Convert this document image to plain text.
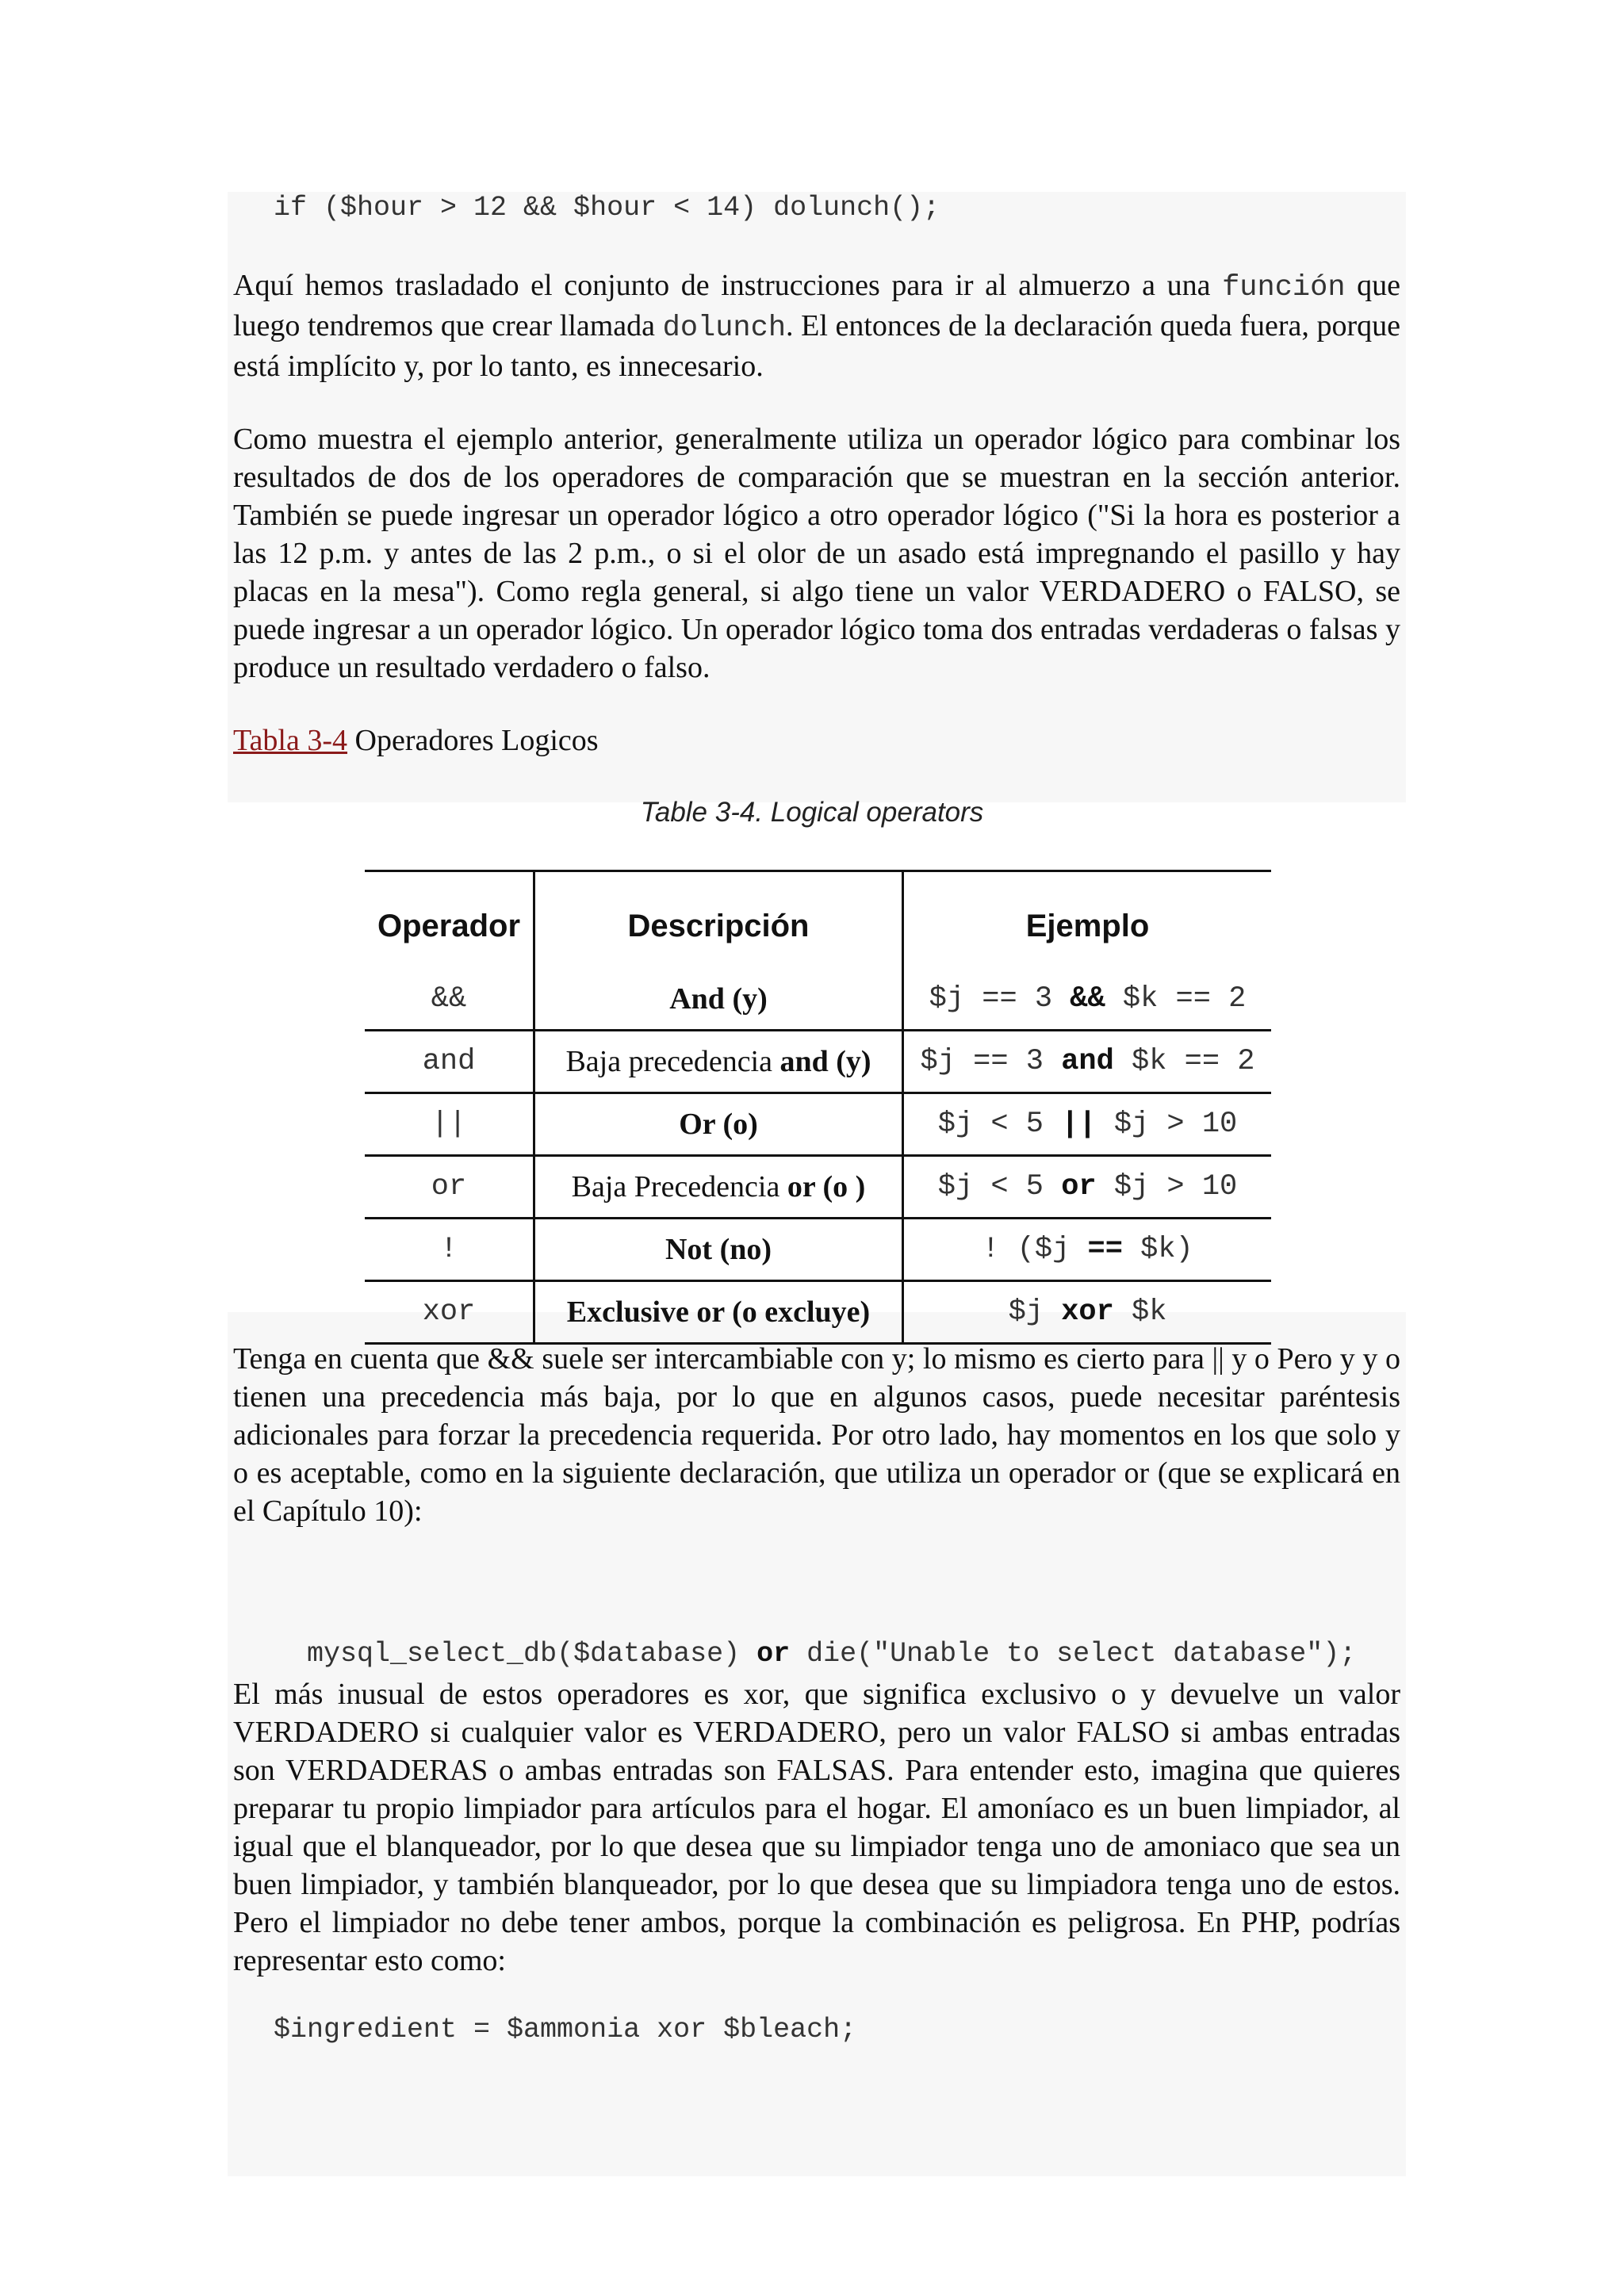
if ($hour > 12 && $hour < 14) dolunch();

Aquí hemos trasladado el conjunto de instrucciones para ir al almuerzo a una función que luego tendremos que crear llamada dolunch. El entonces de la declaración queda fuera, porque está implícito y, por lo tanto, es innecesario.

Como muestra el ejemplo anterior, generalmente utiliza un operador lógico para combinar los resultados de dos de los operadores de comparación que se muestran en la sección anterior. También se puede ingresar un operador lógico a otro operador lógico ("Si la hora es posterior a las 12 p.m. y antes de las 2 p.m., o si el olor de un asado está impregnando el pasillo y hay placas en la mesa"). Como regla general, si algo tiene un valor VERDADERO o FALSO, se puede ingresar a un operador lógico. Un operador lógico toma dos entradas verdaderas o falsas y produce un resultado verdadero o falso.

Tabla 3-4 Operadores Logicos
Table 3-4. Logical operators
Operador	Descripción	Ejemplo
&&	And (y)	$j == 3 && $k == 2
and	Baja precedencia and (y)	$j == 3 and $k == 2
||	Or (o)	$j < 5 || $j > 10
or	Baja Precedencia or (o )	$j < 5 or $j > 10
!	Not (no)	! ($j == $k)
xor	Exclusive or (o excluye)	$j xor $k

Tenga en cuenta que && suele ser intercambiable con y; lo mismo es cierto para || y o Pero y y o tienen una precedencia más baja, por lo que en algunos casos, puede necesitar paréntesis adicionales para forzar la precedencia requerida. Por otro lado, hay momentos en los que solo y o es aceptable, como en la siguiente declaración, que utiliza un operador or (que se explicará en el Capítulo 10):

mysql_select_db($database) or die("Unable to select database");

El más inusual de estos operadores es xor, que significa exclusivo o y devuelve un valor VERDADERO si cualquier valor es VERDADERO, pero un valor FALSO si ambas entradas son VERDADERAS o ambas entradas son FALSAS. Para entender esto, imagina que quieres preparar tu propio limpiador para artículos para el hogar. El amoníaco es un buen limpiador, al igual que el blanqueador, por lo que desea que su limpiador tenga uno de amoniaco que sea un buen limpiador, y también blanqueador, por lo que desea que su limpiadora tenga uno de estos. Pero el limpiador no debe tener ambos, porque la combinación es peligrosa. En PHP, podrías representar esto como:

$ingredient = $ammonia xor $bleach;
